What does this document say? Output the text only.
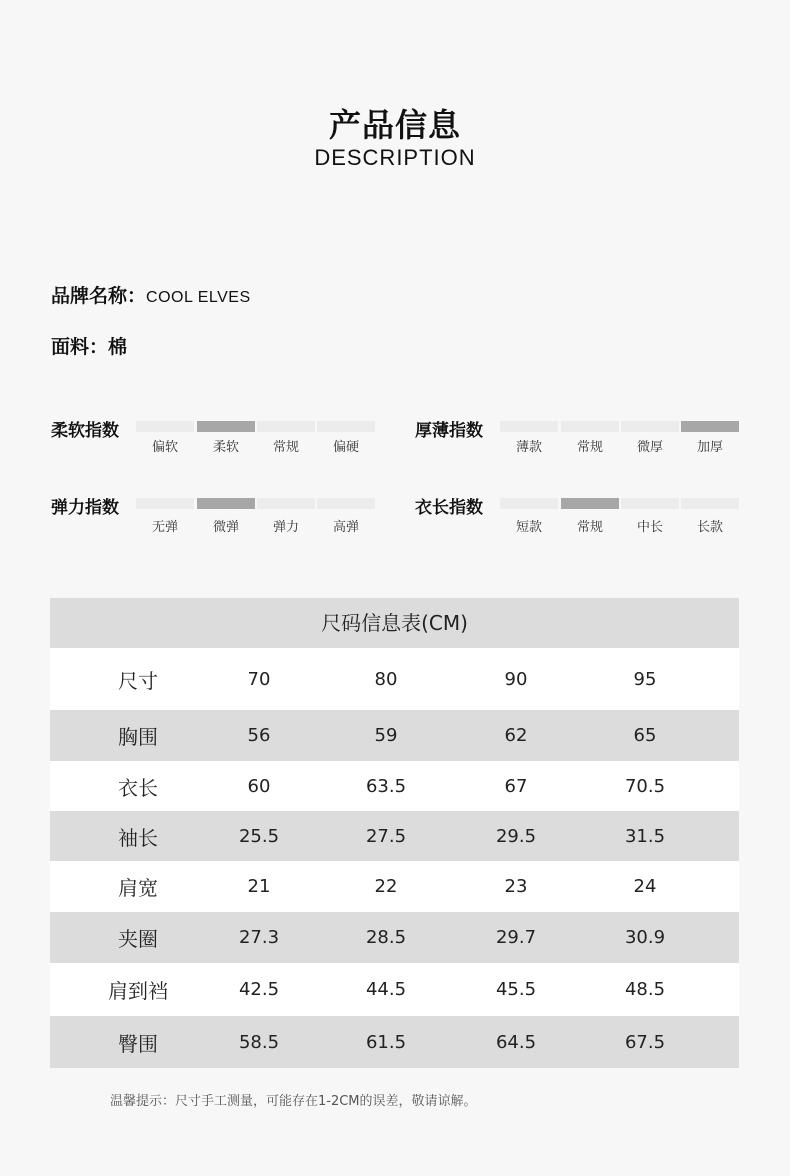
产品信息
DESCRIPTION
品牌名称：COOL ELVES
面料：棉
柔软指数
偏软	柔软	常规	偏硬
厚薄指数
薄款	常规	微厚	加厚
弹力指数
无弹	微弹	弹力	高弹
衣长指数
短款	常规	中长	长款
尺码信息表(CM)
尺寸	70	80	90	95
胸围	56	59	62	65
衣长	60	63.5	67	70.5
袖长	25.5	27.5	29.5	31.5
肩宽	21	22	23	24
夹圈	27.3	28.5	29.7	30.9
肩到裆	42.5	44.5	45.5	48.5
臀围	58.5	61.5	64.5	67.5
温馨提示：尺寸手工测量，可能存在1-2CM的误差，敬请谅解。
